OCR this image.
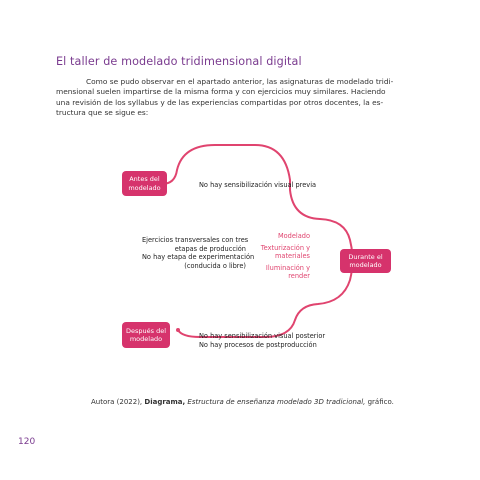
El taller de modelado tridimensional digital
Como se pudo observar en el apartado anterior, las asignaturas de modelado tridi-
mensional suelen impartirse de la misma forma y con ejercicios muy similares. Haciendo
una revisión de los syllabus y de las experiencias compartidas por otros docentes, la es-
tructura que se sigue es:
Antes del
modelado	No hay sensibilización visual previa
Ejercicios transversales con tres
etapas de producción
No hay etapa de experimentación
(conducida o libre)
Modelado
Texturización y
materiales
Iluminación y
render
Durante el
modelado
Después del
modelado	No hay sensibilización visual posterior
No hay procesos de postproducción
Autora (2022), Diagrama, Estructura de enseñanza modelado 3D tradicional, gráfico.
120
